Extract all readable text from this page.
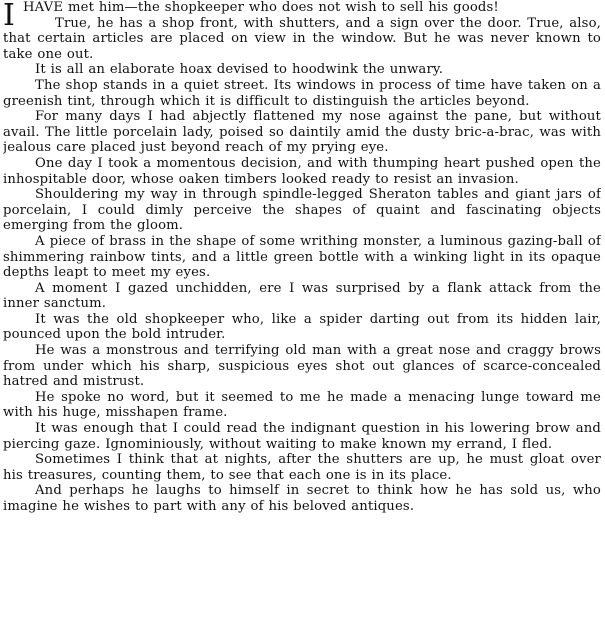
IHAVE met him—the shopkeeper who does not wish to sell his goods!

True, he has a shop front, with shutters, and a sign over the door. True, also, that certain articles are placed on view in the window. But he was never known to take one out.

It is all an elaborate hoax devised to hoodwink the unwary.

The shop stands in a quiet street. Its windows in process of time have taken on a greenish tint, through which it is difficult to distinguish the articles beyond.

For many days I had abjectly flattened my nose against the pane, but without avail. The little porcelain lady, poised so daintily amid the dusty bric-a-brac, was with jealous care placed just beyond reach of my prying eye.

One day I took a momentous decision, and with thumping heart pushed open the inhospitable door, whose oaken timbers looked ready to resist an invasion.

Shouldering my way in through spindle-legged Sheraton tables and giant jars of porcelain, I could dimly perceive the shapes of quaint and fascinating objects emerging from the gloom.

A piece of brass in the shape of some writhing monster, a luminous gazing-ball of shimmering rainbow tints, and a little green bottle with a winking light in its opaque depths leapt to meet my eyes.

A moment I gazed unchidden, ere I was surprised by a flank attack from the inner sanctum.

It was the old shopkeeper who, like a spider darting out from its hidden lair, pounced upon the bold intruder.

He was a monstrous and terrifying old man with a great nose and craggy brows from under which his sharp, suspicious eyes shot out glances of scarce-concealed hatred and mistrust.

He spoke no word, but it seemed to me he made a menacing lunge toward me with his huge, misshapen frame.

It was enough that I could read the indignant question in his lowering brow and piercing gaze. Ignominiously, without waiting to make known my errand, I fled.

Sometimes I think that at nights, after the shutters are up, he must gloat over his treasures, counting them, to see that each one is in its place.

And perhaps he laughs to himself in secret to think how he has sold us, who imagine he wishes to part with any of his beloved antiques.
